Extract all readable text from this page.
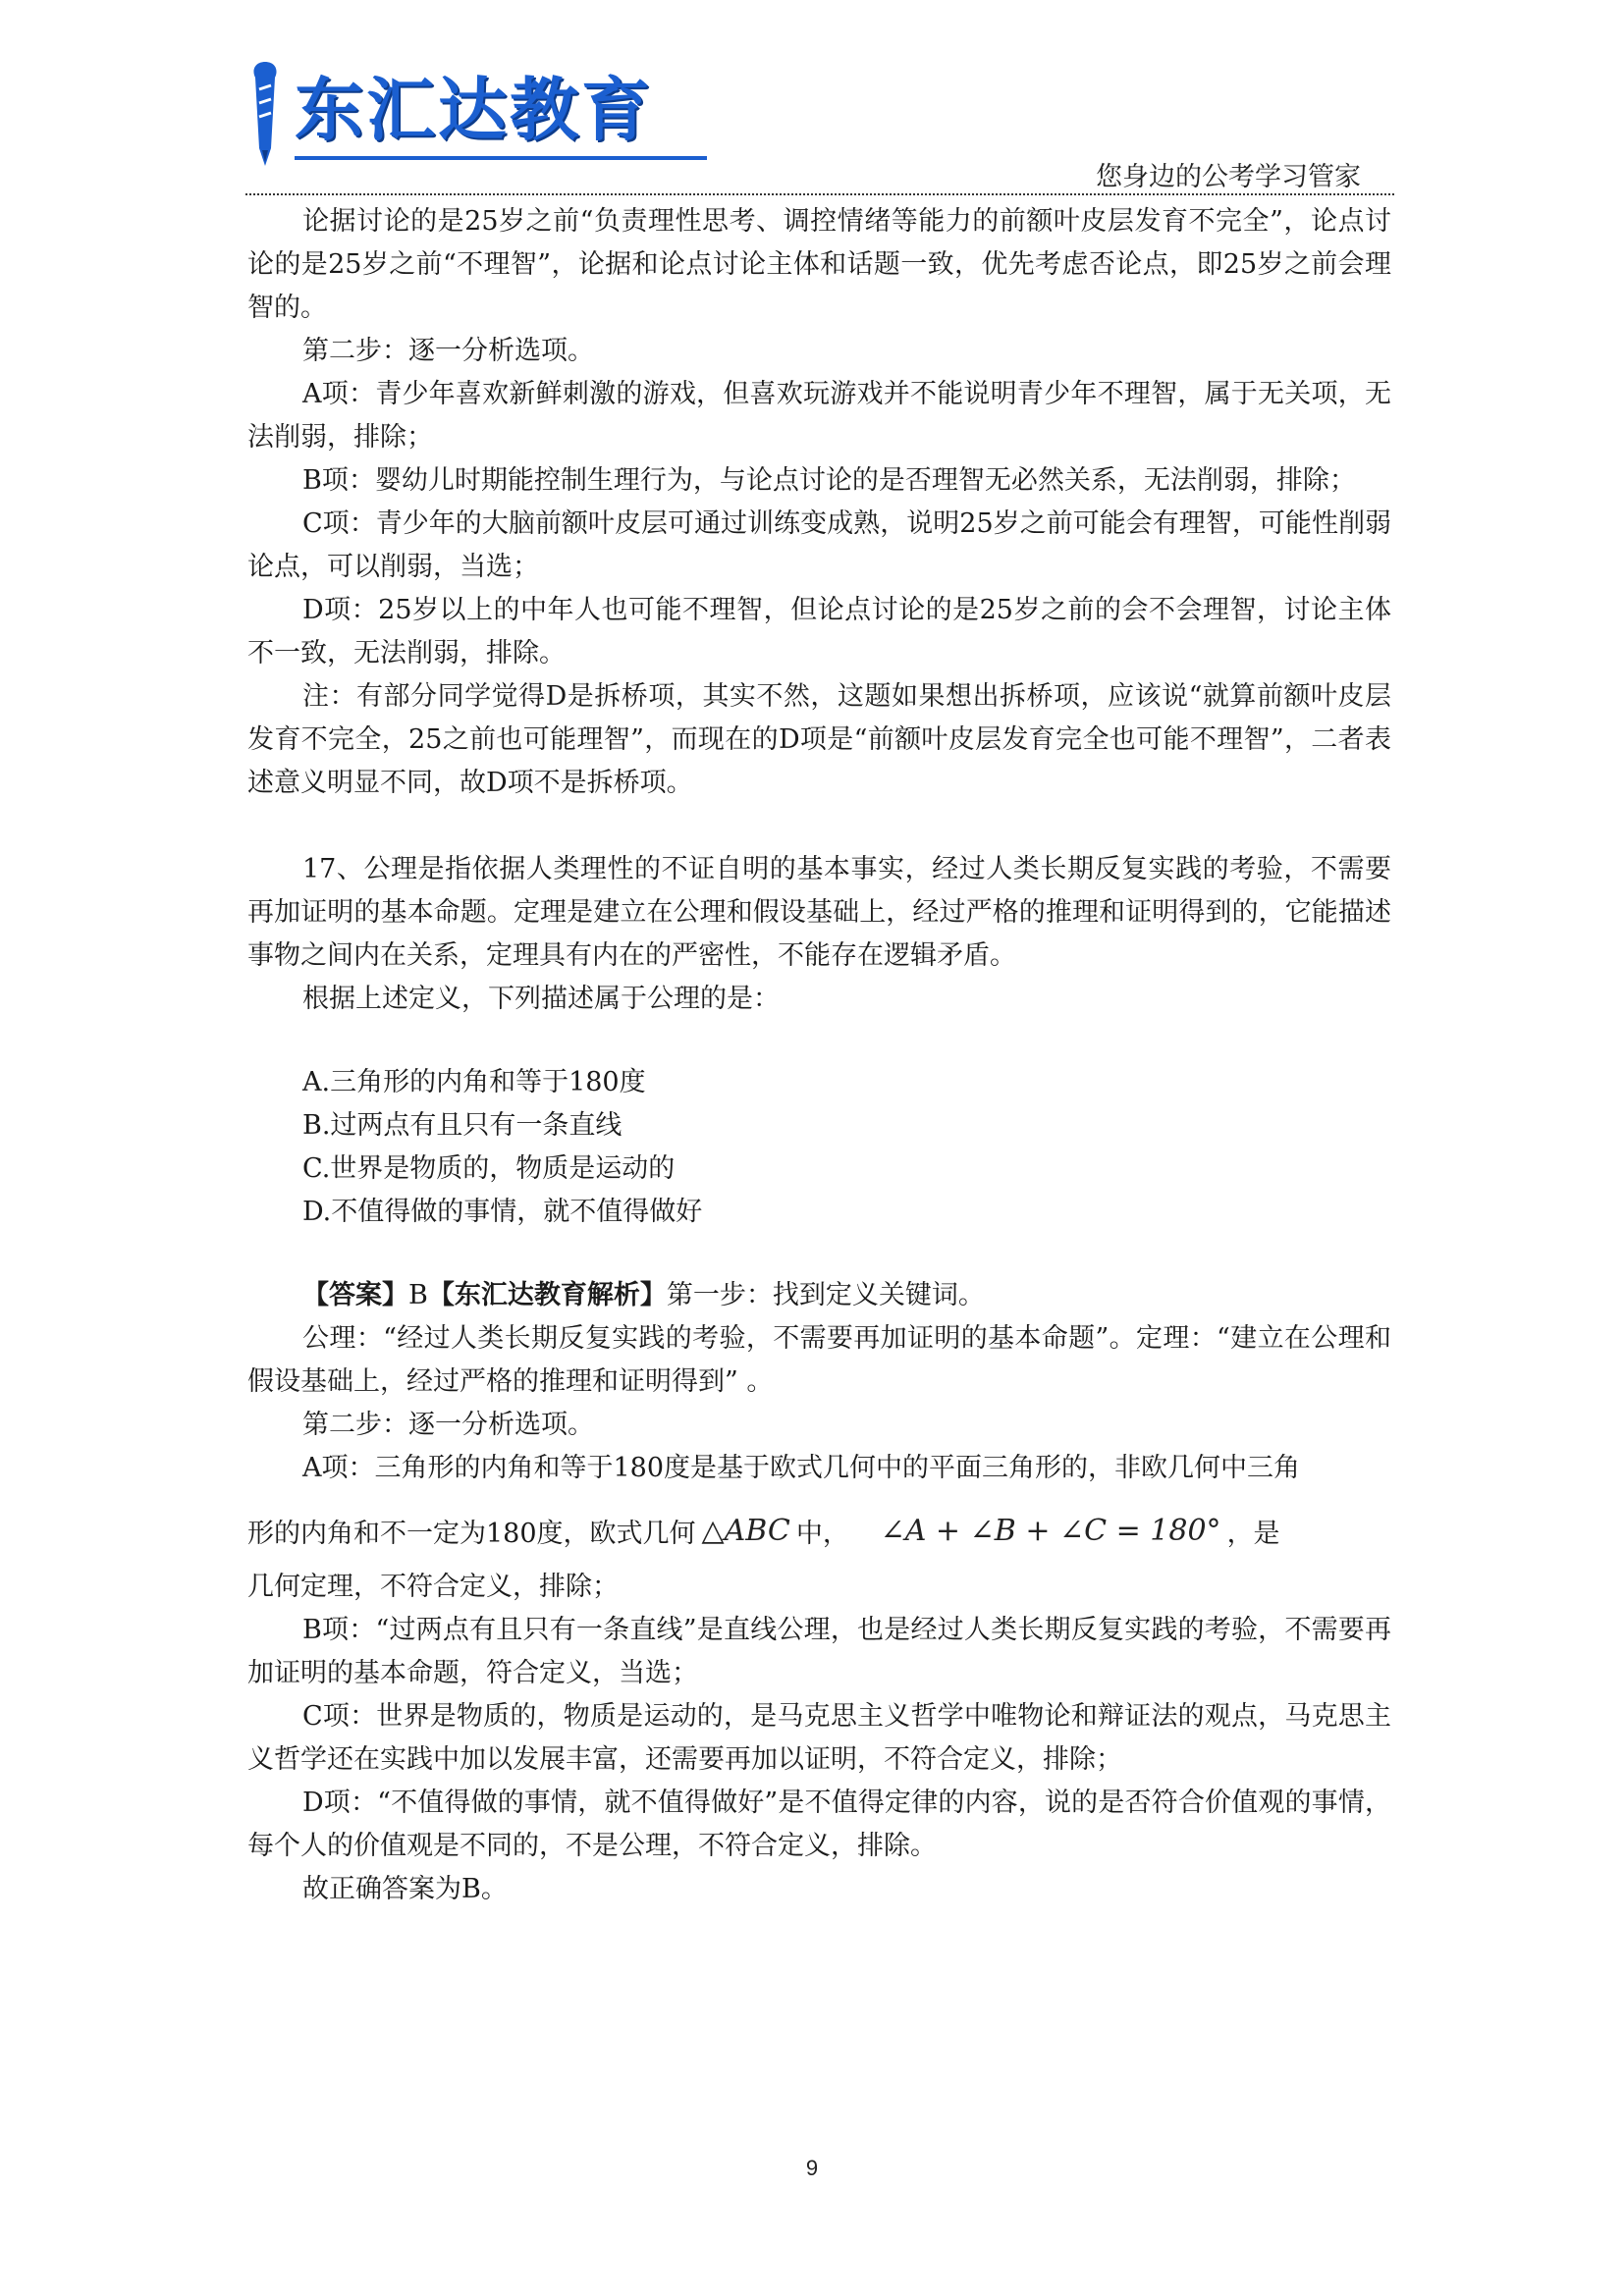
东汇达教育
您身边的公考学习管家

论据讨论的是25岁之前“负责理性思考、调控情绪等能力的前额叶皮层发育不完全”，论点讨论的是25岁之前“不理智”，论据和论点讨论主体和话题一致，优先考虑否论点，即25岁之前会理智的。

第二步：逐一分析选项。

A项：青少年喜欢新鲜刺激的游戏，但喜欢玩游戏并不能说明青少年不理智，属于无关项，无法削弱，排除；

B项：婴幼儿时期能控制生理行为，与论点讨论的是否理智无必然关系，无法削弱，排除；

C项：青少年的大脑前额叶皮层可通过训练变成熟，说明25岁之前可能会有理智，可能性削弱论点，可以削弱，当选；

D项：25岁以上的中年人也可能不理智，但论点讨论的是25岁之前的会不会理智，讨论主体不一致，无法削弱，排除。

注：有部分同学觉得D是拆桥项，其实不然，这题如果想出拆桥项，应该说“就算前额叶皮层发育不完全，25之前也可能理智”，而现在的D项是“前额叶皮层发育完全也可能不理智”，二者表述意义明显不同，故D项不是拆桥项。

17、公理是指依据人类理性的不证自明的基本事实，经过人类长期反复实践的考验，不需要再加证明的基本命题。定理是建立在公理和假设基础上，经过严格的推理和证明得到的，它能描述事物之间内在关系，定理具有内在的严密性，不能存在逻辑矛盾。

根据上述定义，下列描述属于公理的是：

A.三角形的内角和等于180度

B.过两点有且只有一条直线

C.世界是物质的，物质是运动的

D.不值得做的事情，就不值得做好

【答案】B【东汇达教育解析】第一步：找到定义关键词。

公理：“经过人类长期反复实践的考验，不需要再加证明的基本命题”。定理：“建立在公理和假设基础上，经过严格的推理和证明得到” 。

第二步：逐一分析选项。

A项：三角形的内角和等于180度是基于欧式几何中的平面三角形的，非欧几何中三角

形的内角和不一定为180度，欧式几何 △ABC 中， ∠A + ∠B + ∠C = 180° ，是

几何定理，不符合定义，排除；

B项：“过两点有且只有一条直线”是直线公理，也是经过人类长期反复实践的考验，不需要再加证明的基本命题，符合定义，当选；

C项：世界是物质的，物质是运动的，是马克思主义哲学中唯物论和辩证法的观点，马克思主义哲学还在实践中加以发展丰富，还需要再加以证明，不符合定义，排除；

D项：“不值得做的事情，就不值得做好”是不值得定律的内容，说的是否符合价值观的事情，每个人的价值观是不同的，不是公理，不符合定义，排除。

故正确答案为B。

9
